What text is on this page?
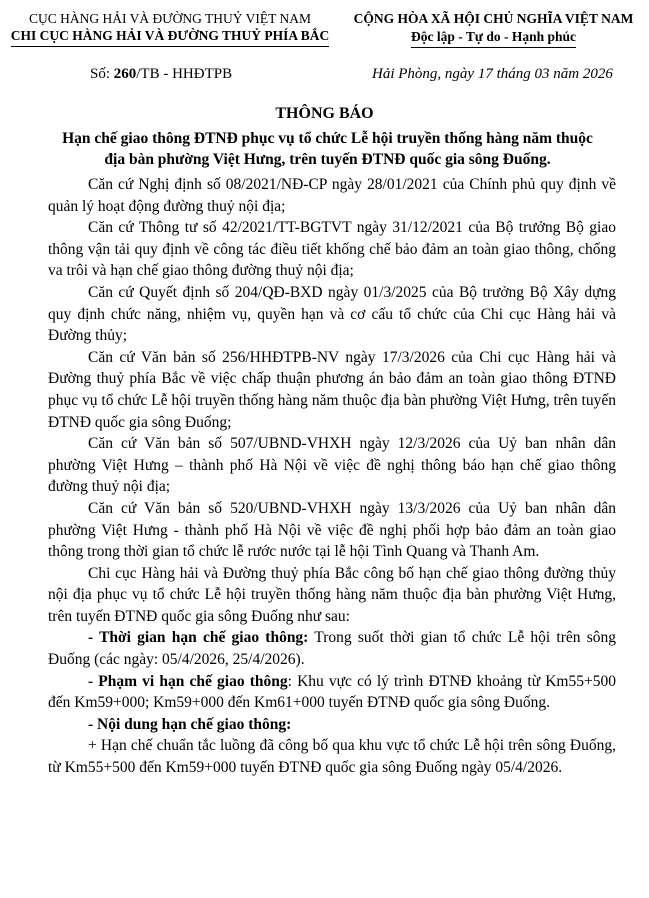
CỤC HÀNG HẢI VÀ ĐƯỜNG THUỶ VIỆT NAM
CHI CỤC HÀNG HẢI VÀ ĐƯỜNG THUỶ PHÍA BẮC
CỘNG HÒA XÃ HỘI CHỦ NGHĨA VIỆT NAM
Độc lập - Tự do - Hạnh phúc
Số: 260/TB - HHĐTPB	Hải Phòng, ngày 17 tháng 03 năm 2026
THÔNG BÁO
Hạn chế giao thông ĐTNĐ phục vụ tổ chức Lễ hội truyền thống hàng năm thuộc địa bàn phường Việt Hưng, trên tuyến ĐTNĐ quốc gia sông Đuống.

Căn cứ Nghị định số 08/2021/NĐ-CP ngày 28/01/2021 của Chính phủ quy định về quản lý hoạt động đường thuỷ nội địa;

Căn cứ Thông tư số 42/2021/TT-BGTVT ngày 31/12/2021 của Bộ trưởng Bộ giao thông vận tải quy định về công tác điều tiết khống chế bảo đảm an toàn giao thông, chống va trôi và hạn chế giao thông đường thuỷ nội địa;

Căn cứ Quyết định số 204/QĐ-BXD ngày 01/3/2025 của Bộ trưởng Bộ Xây dựng quy định chức năng, nhiệm vụ, quyền hạn và cơ cấu tổ chức của Chi cục Hàng hải và Đường thủy;

Căn cứ Văn bản số 256/HHĐTPB-NV ngày 17/3/2026 của Chi cục Hàng hải và Đường thuỷ phía Bắc về việc chấp thuận phương án bảo đảm an toàn giao thông ĐTNĐ phục vụ tổ chức Lễ hội truyền thống hàng năm thuộc địa bàn phường Việt Hưng, trên tuyến ĐTNĐ quốc gia sông Đuống;

Căn cứ Văn bản số 507/UBND-VHXH ngày 12/3/2026 của Uỷ ban nhân dân phường Việt Hưng – thành phố Hà Nội về việc đề nghị thông báo hạn chế giao thông đường thuỷ nội địa;

Căn cứ Văn bản số 520/UBND-VHXH ngày 13/3/2026 của Uỷ ban nhân dân phường Việt Hưng - thành phố Hà Nội về việc đề nghị phối hợp bảo đảm an toàn giao thông trong thời gian tổ chức lễ rước nước tại lễ hội Tình Quang và Thanh Am.

Chi cục Hàng hải và Đường thuỷ phía Bắc công bố hạn chế giao thông đường thủy nội địa phục vụ tổ chức Lễ hội truyền thống hàng năm thuộc địa bàn phường Việt Hưng, trên tuyến ĐTNĐ quốc gia sông Đuống như sau:

- Thời gian hạn chế giao thông: Trong suốt thời gian tổ chức Lễ hội trên sông Đuống (các ngày: 05/4/2026, 25/4/2026).

- Phạm vi hạn chế giao thông: Khu vực có lý trình ĐTNĐ khoảng từ Km55+500 đến Km59+000; Km59+000 đến Km61+000 tuyến ĐTNĐ quốc gia sông Đuống.

- Nội dung hạn chế giao thông:

+ Hạn chế chuẩn tắc luồng đã công bố qua khu vực tổ chức Lễ hội trên sông Đuống, từ Km55+500 đến Km59+000 tuyến ĐTNĐ quốc gia sông Đuống ngày 05/4/2026.
